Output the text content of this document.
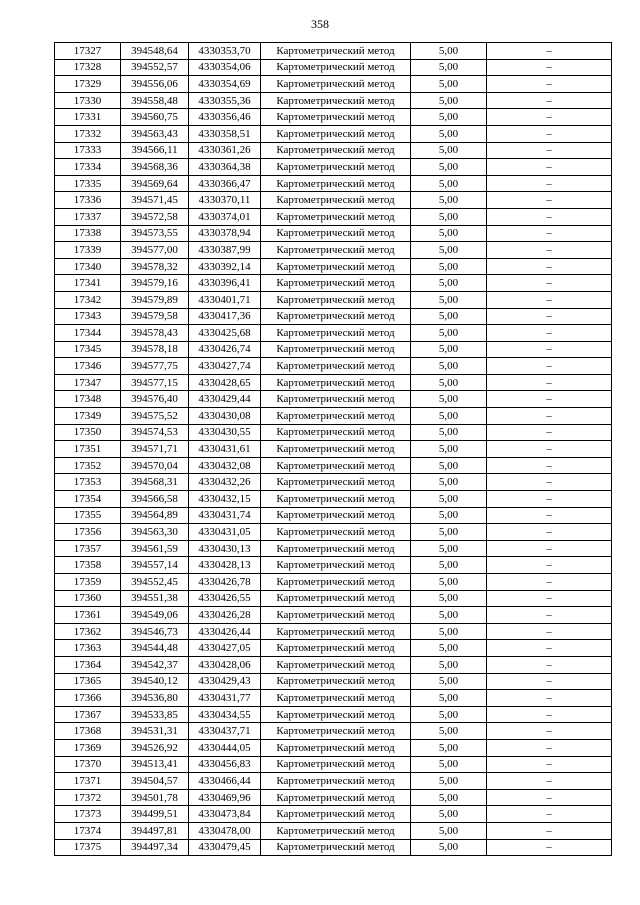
358
17327	394548,64	4330353,70	Картометрический метод	5,00	–
17328	394552,57	4330354,06	Картометрический метод	5,00	–
17329	394556,06	4330354,69	Картометрический метод	5,00	–
17330	394558,48	4330355,36	Картометрический метод	5,00	–
17331	394560,75	4330356,46	Картометрический метод	5,00	–
17332	394563,43	4330358,51	Картометрический метод	5,00	–
17333	394566,11	4330361,26	Картометрический метод	5,00	–
17334	394568,36	4330364,38	Картометрический метод	5,00	–
17335	394569,64	4330366,47	Картометрический метод	5,00	–
17336	394571,45	4330370,11	Картометрический метод	5,00	–
17337	394572,58	4330374,01	Картометрический метод	5,00	–
17338	394573,55	4330378,94	Картометрический метод	5,00	–
17339	394577,00	4330387,99	Картометрический метод	5,00	–
17340	394578,32	4330392,14	Картометрический метод	5,00	–
17341	394579,16	4330396,41	Картометрический метод	5,00	–
17342	394579,89	4330401,71	Картометрический метод	5,00	–
17343	394579,58	4330417,36	Картометрический метод	5,00	–
17344	394578,43	4330425,68	Картометрический метод	5,00	–
17345	394578,18	4330426,74	Картометрический метод	5,00	–
17346	394577,75	4330427,74	Картометрический метод	5,00	–
17347	394577,15	4330428,65	Картометрический метод	5,00	–
17348	394576,40	4330429,44	Картометрический метод	5,00	–
17349	394575,52	4330430,08	Картометрический метод	5,00	–
17350	394574,53	4330430,55	Картометрический метод	5,00	–
17351	394571,71	4330431,61	Картометрический метод	5,00	–
17352	394570,04	4330432,08	Картометрический метод	5,00	–
17353	394568,31	4330432,26	Картометрический метод	5,00	–
17354	394566,58	4330432,15	Картометрический метод	5,00	–
17355	394564,89	4330431,74	Картометрический метод	5,00	–
17356	394563,30	4330431,05	Картометрический метод	5,00	–
17357	394561,59	4330430,13	Картометрический метод	5,00	–
17358	394557,14	4330428,13	Картометрический метод	5,00	–
17359	394552,45	4330426,78	Картометрический метод	5,00	–
17360	394551,38	4330426,55	Картометрический метод	5,00	–
17361	394549,06	4330426,28	Картометрический метод	5,00	–
17362	394546,73	4330426,44	Картометрический метод	5,00	–
17363	394544,48	4330427,05	Картометрический метод	5,00	–
17364	394542,37	4330428,06	Картометрический метод	5,00	–
17365	394540,12	4330429,43	Картометрический метод	5,00	–
17366	394536,80	4330431,77	Картометрический метод	5,00	–
17367	394533,85	4330434,55	Картометрический метод	5,00	–
17368	394531,31	4330437,71	Картометрический метод	5,00	–
17369	394526,92	4330444,05	Картометрический метод	5,00	–
17370	394513,41	4330456,83	Картометрический метод	5,00	–
17371	394504,57	4330466,44	Картометрический метод	5,00	–
17372	394501,78	4330469,96	Картометрический метод	5,00	–
17373	394499,51	4330473,84	Картометрический метод	5,00	–
17374	394497,81	4330478,00	Картометрический метод	5,00	–
17375	394497,34	4330479,45	Картометрический метод	5,00	–
